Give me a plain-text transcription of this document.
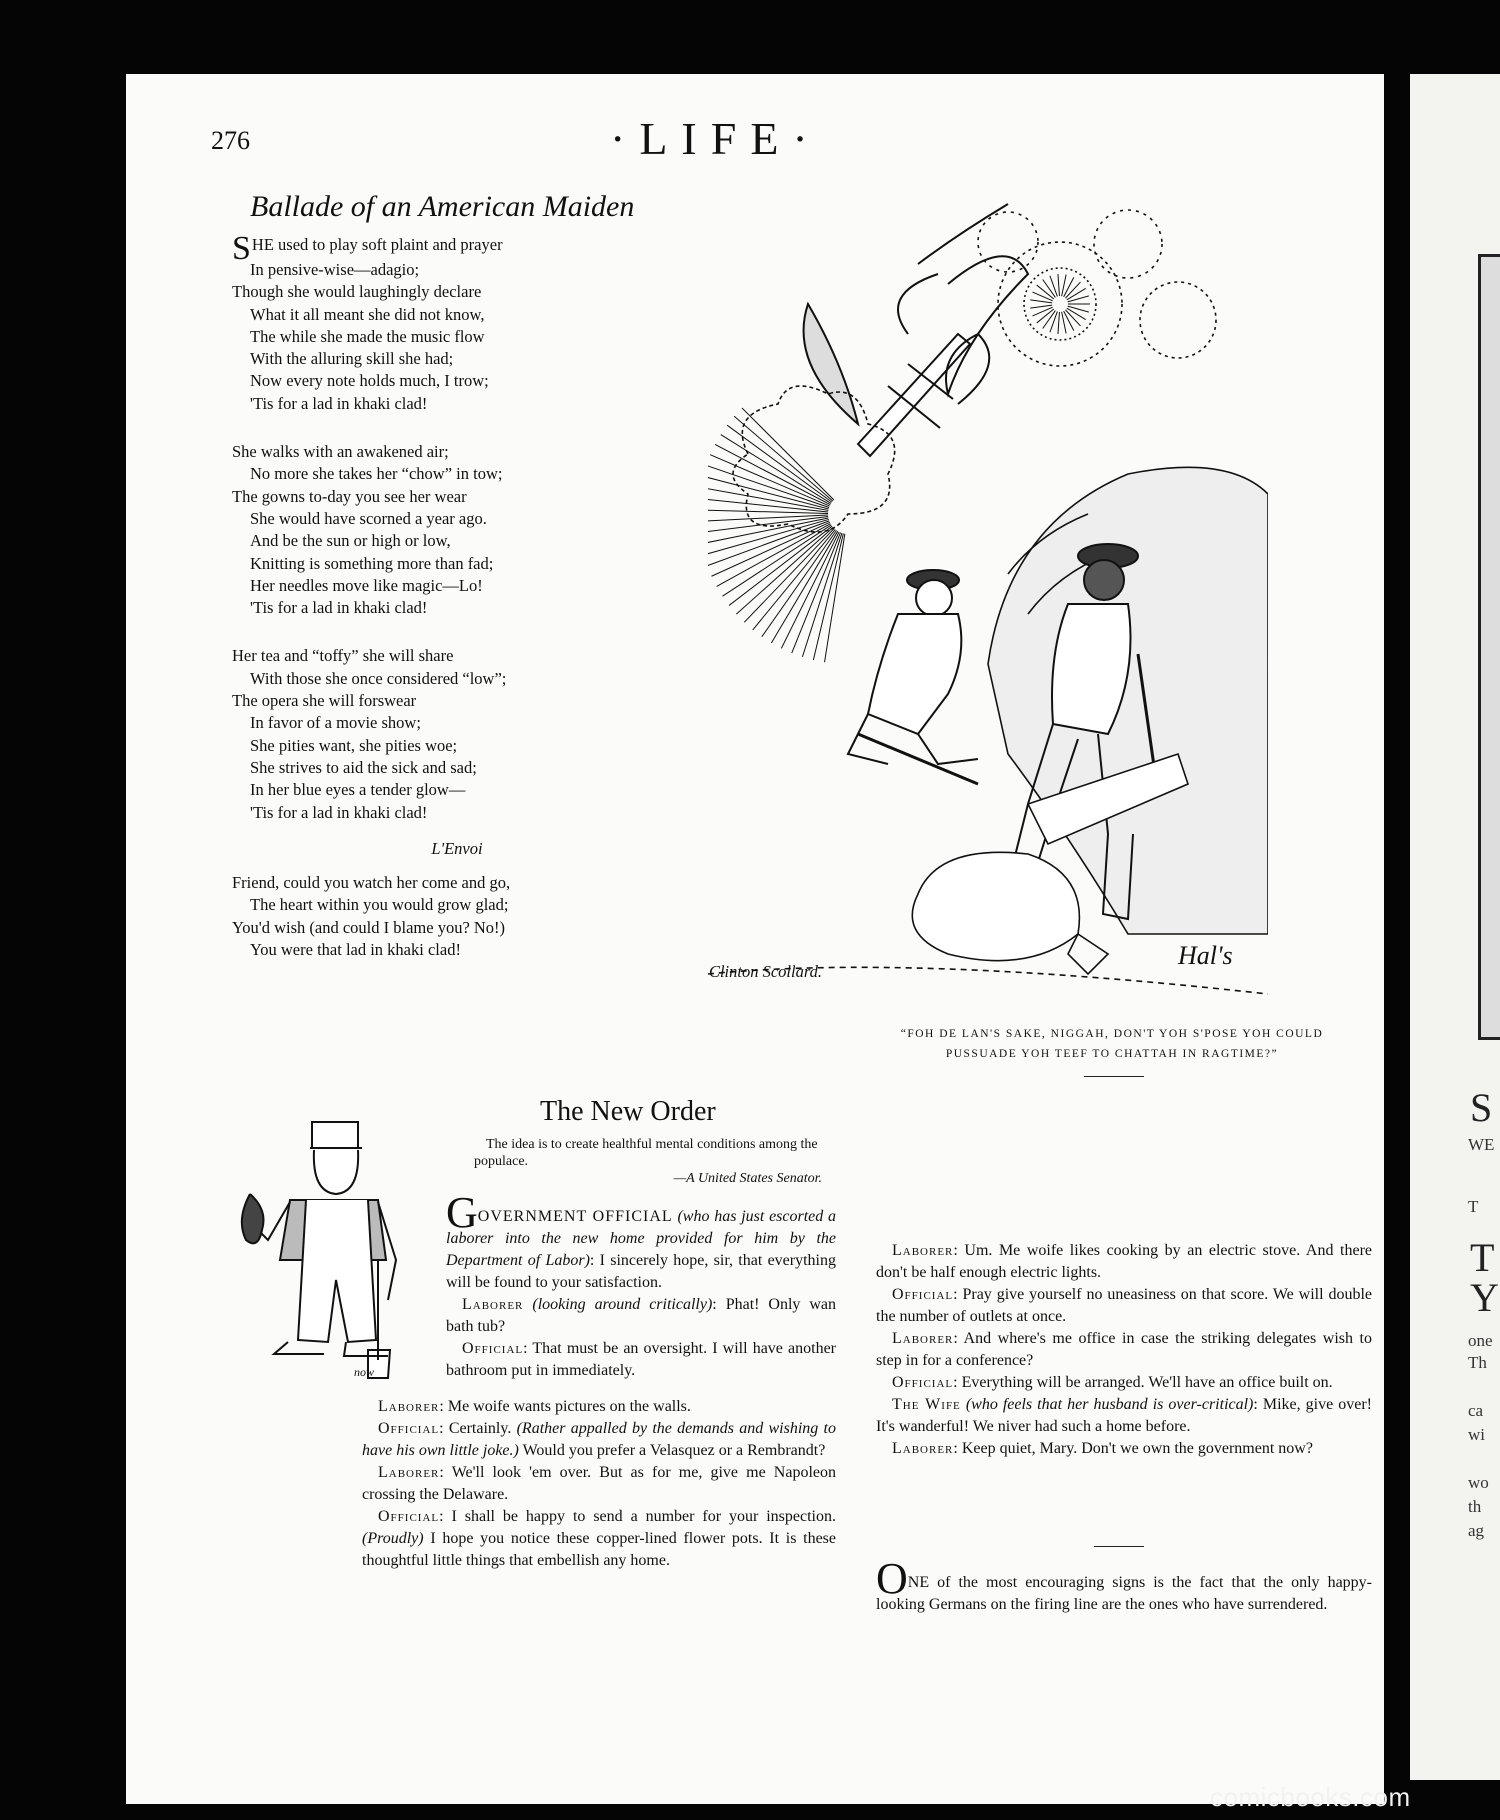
S
WE
T
T
Y
one
Th
ca
wi
wo
th
ag
276	·LIFE·
Ballade of an American Maiden
SHE used to play soft plaint and prayer
In pensive-wise—adagio;
Though she would laughingly declare
What it all meant she did not know,
The while she made the music flow
With the alluring skill she had;
Now every note holds much, I trow;
'Tis for a lad in khaki clad!
She walks with an awakened air;
No more she takes her “chow” in tow;
The gowns to-day you see her wear
She would have scorned a year ago.
And be the sun or high or low,
Knitting is something more than fad;
Her needles move like magic—Lo!
'Tis for a lad in khaki clad!
Her tea and “toffy” she will share
With those she once considered “low”;
The opera she will forswear
In favor of a movie show;
She pities want, she pities woe;
She strives to aid the sick and sad;
In her blue eyes a tender glow—
'Tis for a lad in khaki clad!
L'Envoi
Friend, could you watch her come and go,
The heart within you would grow glad;
You'd wish (and could I blame you? No!)
You were that lad in khaki clad!
Clinton Scollard.
Hal's
“FOH DE LAN'S SAKE, NIGGAH, DON'T YOH S'POSE YOH COULD
PUSSUADE YOH TEEF TO CHATTAH IN RAGTIME?”
The New Order
The idea is to create healthful mental conditions among the populace.
—A United States Senator.
now

GOVERNMENT OFFICIAL (who has just escorted a laborer into the new home provided for him by the Department of Labor): I sincerely hope, sir, that everything will be found to your satisfaction.

Laborer (looking around critically): Phat! Only wan bath tub?

Official: That must be an oversight. I will have another bathroom put in immediately.

Laborer: Me woife wants pictures on the walls.

Official: Certainly. (Rather appalled by the demands and wishing to have his own little joke.) Would you prefer a Velasquez or a Rembrandt?

Laborer: We'll look 'em over. But as for me, give me Napoleon crossing the Delaware.

Official: I shall be happy to send a number for your inspection. (Proudly) I hope you notice these copper-lined flower pots. It is these thoughtful little things that embellish any home.

Laborer: Um. Me woife likes cooking by an electric stove. And there don't be half enough electric lights.

Official: Pray give yourself no uneasiness on that score. We will double the number of outlets at once.

Laborer: And where's me office in case the striking delegates wish to step in for a conference?

Official: Everything will be arranged. We'll have an office built on.

The Wife (who feels that her husband is over-critical): Mike, give over! It's wanderful! We niver had such a home before.

Laborer: Keep quiet, Mary. Don't we own the government now?

ONE of the most encouraging signs is the fact that the only happy-looking Germans on the firing line are the ones who have surrendered.
comicbooks.com
